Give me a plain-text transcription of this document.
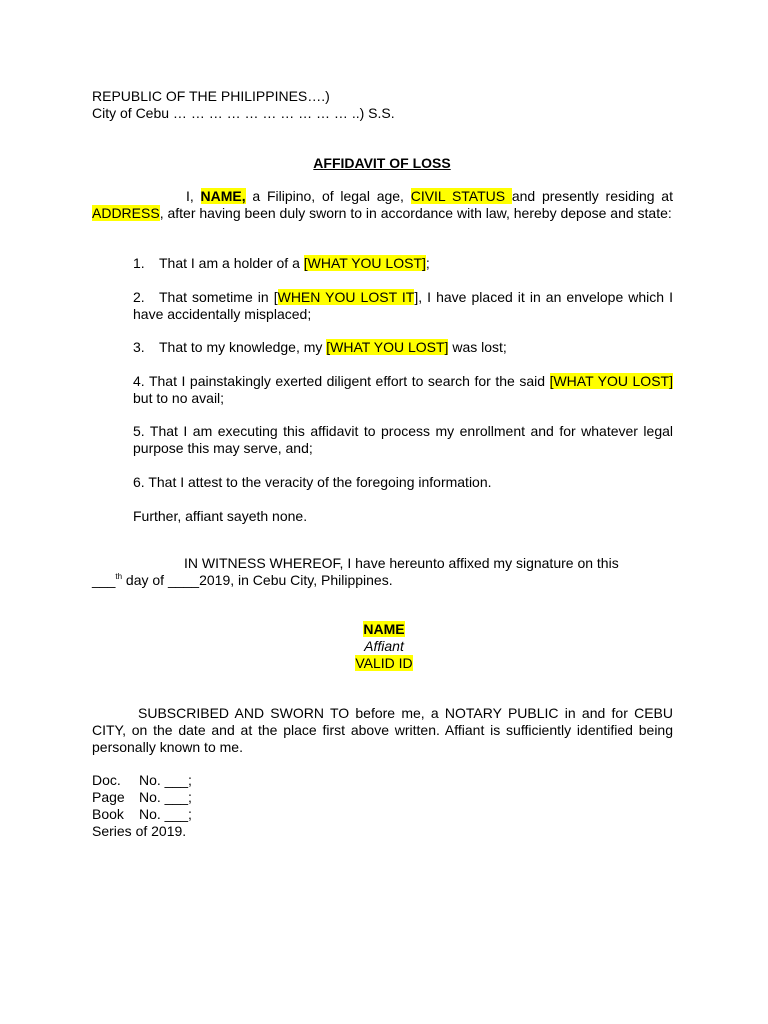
REPUBLIC OF THE PHILIPPINES….)
City of Cebu … … … … … … … … … … ..) S.S.
AFFIDAVIT OF LOSS
I, NAME, a Filipino, of legal age, CIVIL STATUS and presently residing at ADDRESS, after having been duly sworn to in accordance with law, hereby depose and state:
1. That I am a holder of a [WHAT YOU LOST];
2. That sometime in [WHEN YOU LOST IT], I have placed it in an envelope which I have accidentally misplaced;
3. That to my knowledge, my [WHAT YOU LOST] was lost;
4. That I painstakingly exerted diligent effort to search for the said [WHAT YOU LOST] but to no avail;
5. That I am executing this affidavit to process my enrollment and for whatever legal purpose this may serve, and;
6. That I attest to the veracity of the foregoing information.
Further, affiant sayeth none.
IN WITNESS WHEREOF, I have hereunto affixed my signature on this
___$^{th}$ day of ____2019, in Cebu City, Philippines.
NAME
Affiant
VALID ID
SUBSCRIBED AND SWORN TO before me, a NOTARY PUBLIC in and for CEBU CITY, on the date and at the place first above written. Affiant is sufficiently identified being personally known to me.
Doc. No. ___;
Page No. ___;
Book No. ___;
Series of 2019.
